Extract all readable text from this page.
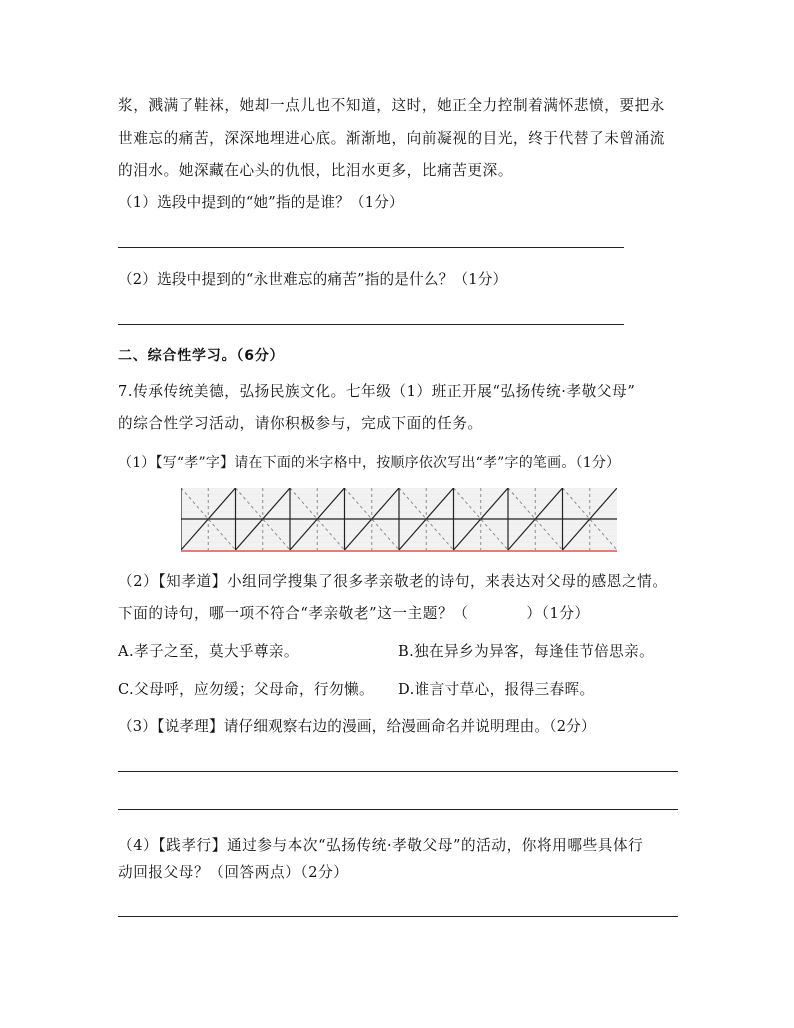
浆，溅满了鞋袜，她却一点儿也不知道，这时，她正全力控制着满怀悲愤，要把永
世难忘的痛苦，深深地埋进心底。渐渐地，向前凝视的目光，终于代替了未曾涌流
的泪水。她深藏在心头的仇恨，比泪水更多，比痛苦更深。
（1）选段中提到的“她”指的是谁？（1分）
（2）选段中提到的“永世难忘的痛苦”指的是什么？（1分）
二、综合性学习。（6分）
7.传承传统美德，弘扬民族文化。七年级（1）班正开展“弘扬传统·孝敬父母”
的综合性学习活动，请你积极参与，完成下面的任务。
（1）【写“孝”字】请在下面的米字格中，按顺序依次写出“孝”字的笔画。（1分）
（2）【知孝道】小组同学搜集了很多孝亲敬老的诗句，来表达对父母的感恩之情。
下面的诗句，哪一项不符合“孝亲敬老”这一主题？（	）（1分）
A.孝子之至，莫大乎尊亲。	B.独在异乡为异客，每逢佳节倍思亲。
C.父母呼，应勿缓；父母命，行勿懒。 D.谁言寸草心，报得三春晖。
（3）【说孝理】请仔细观察右边的漫画，给漫画命名并说明理由。（2分）
（4）【践孝行】通过参与本次“弘扬传统·孝敬父母”的活动，你将用哪些具体行
动回报父母？（回答两点）（2分）
